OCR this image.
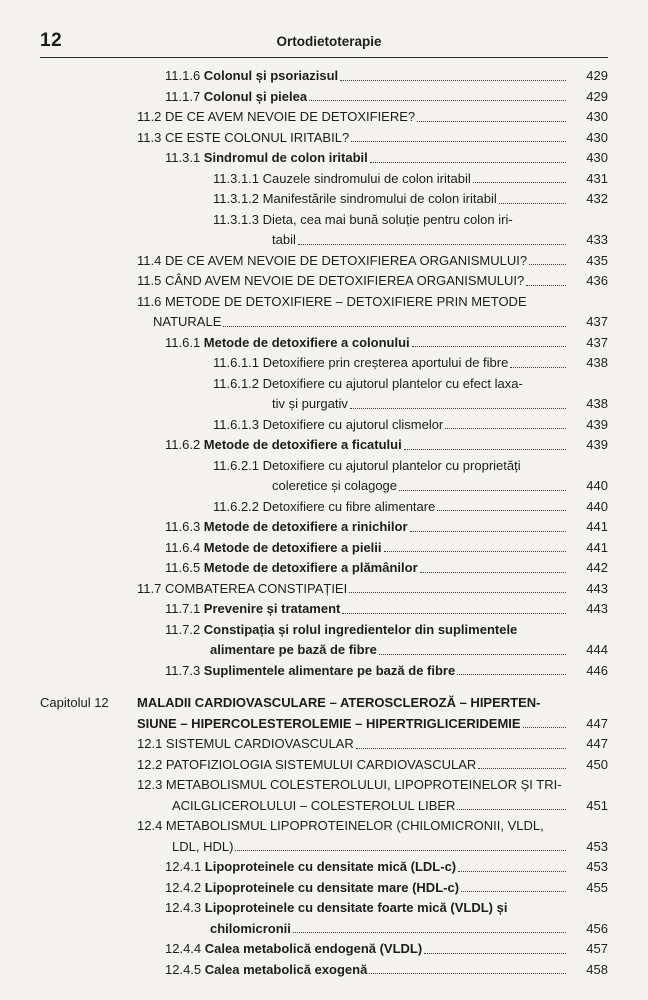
12	Ortodietoterapie
11.1.6 Colonul și psoriazisul	429
11.1.7 Colonul și pielea	429
11.2 DE CE AVEM NEVOIE DE DETOXIFIERE?	430
11.3 CE ESTE COLONUL IRITABIL?	430
11.3.1 Sindromul de colon iritabil	430
11.3.1.1 Cauzele sindromului de colon iritabil	431
11.3.1.2 Manifestările sindromului de colon iritabil	432
11.3.1.3 Dieta, cea mai bună soluție pentru colon iri-
tabil	433
11.4 DE CE AVEM NEVOIE DE DETOXIFIEREA ORGANISMULUI?	435
11.5 CÂND AVEM NEVOIE DE DETOXIFIEREA ORGANISMULUI?	436
11.6 METODE DE DETOXIFIERE – DETOXIFIERE PRIN METODE
NATURALE	437
11.6.1 Metode de detoxifiere a colonului	437
11.6.1.1 Detoxifiere prin creșterea aportului de fibre	438
11.6.1.2 Detoxifiere cu ajutorul plantelor cu efect laxa-
tiv și purgativ	438
11.6.1.3 Detoxifiere cu ajutorul clismelor	439
11.6.2 Metode de detoxifiere a ficatului	439
11.6.2.1 Detoxifiere cu ajutorul plantelor cu proprietăți
coleretice și colagoge	440
11.6.2.2 Detoxifiere cu fibre alimentare	440
11.6.3 Metode de detoxifiere a rinichilor	441
11.6.4 Metode de detoxifiere a pielii	441
11.6.5 Metode de detoxifiere a plămânilor	442
11.7 COMBATEREA CONSTIPAȚIEI	443
11.7.1 Prevenire și tratament	443
11.7.2 Constipația și rolul ingredientelor din suplimentele
alimentare pe bază de fibre	444
11.7.3 Suplimentele alimentare pe bază de fibre	446
Capitolul 12 MALADII CARDIOVASCULARE – ATEROSCLEROZĂ – HIPERTEN-
SIUNE – HIPERCOLESTEROLEMIE – HIPERTRIGLICERIDEMIE	447
12.1 SISTEMUL CARDIOVASCULAR	447
12.2 PATOFIZIOLOGIA SISTEMULUI CARDIOVASCULAR	450
12.3 METABOLISMUL COLESTEROLULUI, LIPOPROTEINELOR ȘI TRI-
ACILGLICEROLULUI – COLESTEROLUL LIBER	451
12.4 METABOLISMUL LIPOPROTEINELOR (CHILOMICRONII, VLDL,
LDL, HDL)	453
12.4.1 Lipoproteinele cu densitate mică (LDL-c)	453
12.4.2 Lipoproteinele cu densitate mare (HDL-c)	455
12.4.3 Lipoproteinele cu densitate foarte mică (VLDL) și
chilomicronii	456
12.4.4 Calea metabolică endogenă (VLDL)	457
12.4.5 Calea metabolică exogenă	458
